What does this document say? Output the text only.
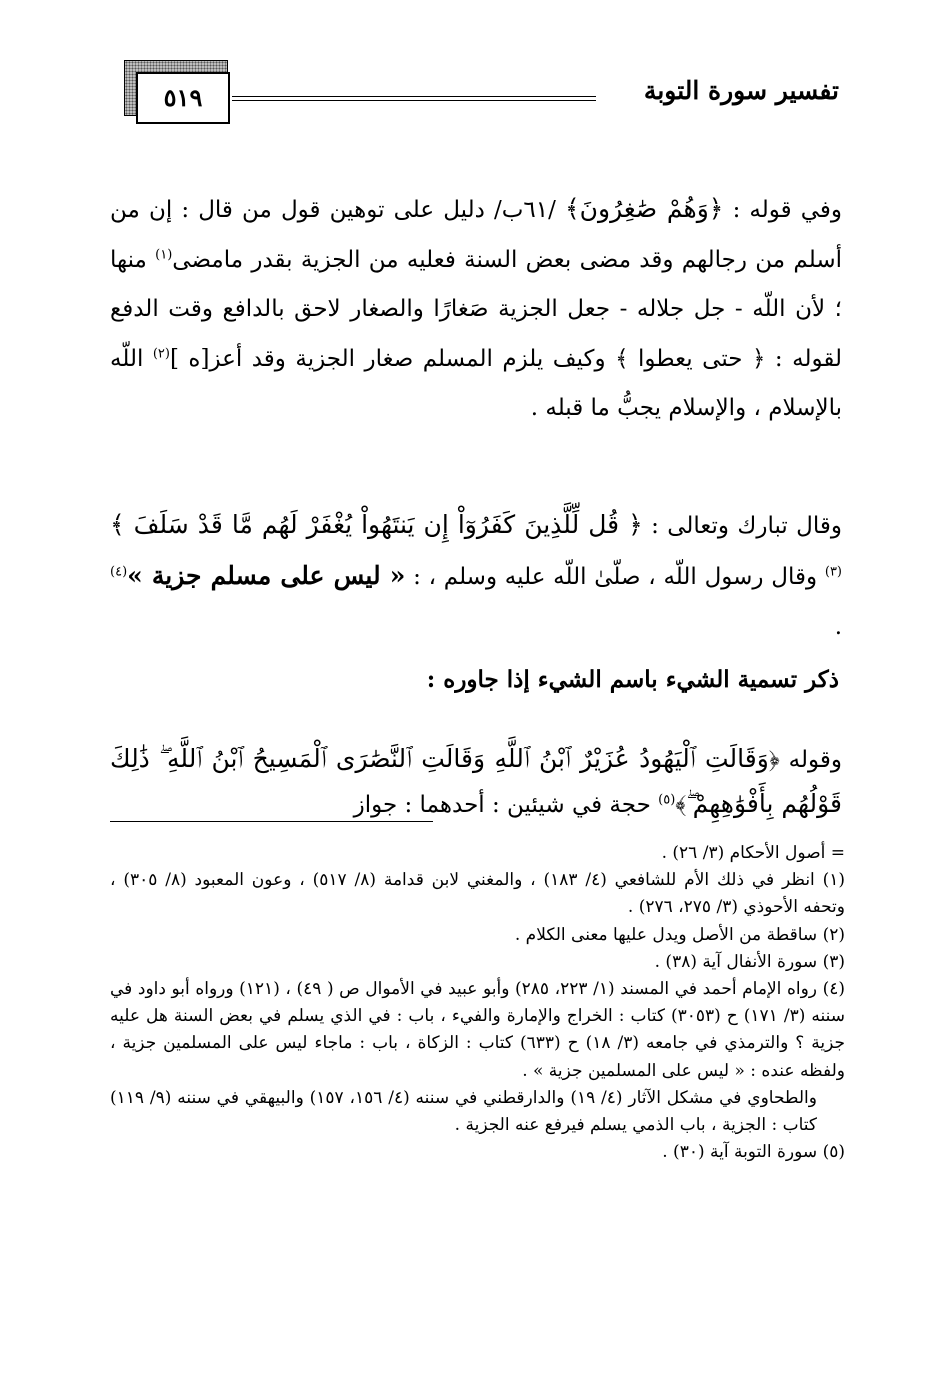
تفسير سورة التوبة
٥١٩
وفي قوله : ﴿وَهُمْ صَٰغِرُونَ﴾ /٦١ب/ دليل على توهين قول من قال : إن من أسلم من رجالهم وقد مضى بعض السنة فعليه من الجزية بقدر مامضى$^{(١)}$ منها ؛ لأن اللّه - جل جلاله - جعل الجزية صَغارًا والصغار لاحق بالدافع وقت الدفع لقوله : ﴿ حتى يعطوا ﴾ وكيف يلزم المسلم صغار الجزية وقد أعز[ه ]$^{(٢)}$ اللّه بالإسلام ، والإسلام يجبُّ ما قبله .
وقال تبارك وتعالى : ﴿ قُل لِّلَّذِينَ كَفَرُوٓاْ إِن يَنتَهُواْ يُغْفَرْ لَهُم مَّا قَدْ سَلَفَ ﴾$^{(٣)}$ وقال رسول اللّه ، صلّىٰ اللّه عليه وسلم ، : « ليس على مسلم جزية »$^{(٤)}$ .
ذكر تسمية الشيء باسم الشيء إذا جاوره :
وقوله ﴿وَقَالَتِ ٱلْيَهُودُ عُزَيْرٌ ٱبْنُ ٱللَّهِ وَقَالَتِ ٱلنَّصَٰرَى ٱلْمَسِيحُ ٱبْنُ ٱللَّهِ ۖ ذَٰلِكَ قَوْلُهُم بِأَفْوَٰهِهِمْ ۖ﴾$^{(٥)}$ حجة في شيئين : أحدهما : جواز

= أصول الأحكام (٣/ ٢٦) .

(١) انظر في ذلك الأم للشافعي (٤/ ١٨٣) ، والمغني لابن قدامة (٨/ ٥١٧) ، وعون المعبود (٨/ ٣٠٥) ، وتحفه الأحوذي (٣/ ٢٧٥، ٢٧٦) .

(٢) ساقطة من الأصل ويدل عليها معنى الكلام .

(٣) سورة الأنفال آية (٣٨) .

(٤) رواه الإمام أحمد في المسند (١/ ٢٢٣، ٢٨٥) وأبو عبيد في الأموال ص ( ٤٩) ، (١٢١) ورواه أبو داود في سننه (٣/ ١٧١) ح (٣٠٥٣) كتاب : الخراج والإمارة والفيء ، باب : في الذي يسلم في بعض السنة هل عليه جزية ؟ والترمذي في جامعه (٣/ ١٨) ح (٦٣٣) كتاب : الزكاة ، باب : ماجاء ليس على المسلمين جزية ، ولفظه عنده : « ليس على المسلمين جزية » .

والطحاوي في مشكل الآثار (٤/ ١٩) والدارقطني في سننه (٤/ ١٥٦، ١٥٧) والبيهقي في سننه (٩/ ١١٩) كتاب : الجزية ، باب الذمي يسلم فيرفع عنه الجزية .

(٥) سورة التوبة آية (٣٠) .
